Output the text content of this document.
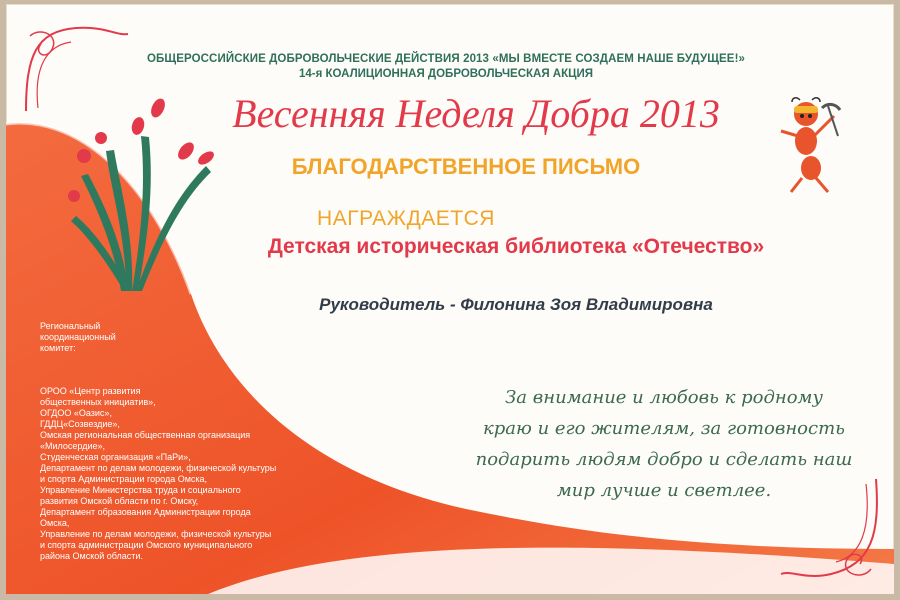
ОБЩЕРОССИЙСКИЕ ДОБРОВОЛЬЧЕСКИЕ ДЕЙСТВИЯ 2013 «МЫ ВМЕСТЕ СОЗДАЕМ НАШЕ БУДУЩЕЕ!»
14-я КОАЛИЦИОННАЯ ДОБРОВОЛЬЧЕСКАЯ АКЦИЯ
Весенняя Неделя Добра 2013
БЛАГОДАРСТВЕННОЕ ПИСЬМО
НАГРАЖДАЕТСЯ
Детская историческая библиотека «Отечество»
Руководитель - Филонина Зоя Владимировна
Региональный
координационный
комитет:
ОРОО «Центр развития
общественных инициатив»,
ОГДОО «Оазис»,
ГДДЦ«Созвездие»,
Омская региональная общественная организация
«Милосердие»,
Студенческая организация «ПаРи»,
Департамент по делам молодежи, физической культуры
и спорта Администрации города Омска,
Управление Министерства труда и социального
развития Омской области по г. Омску,
Департамент образования Администрации города
Омска,
Управление по делам молодежи, физической культуры
и спорта администрации Омского муниципального
района Омской области.
За внимание и любовь к родному
краю и его жителям, за готовность
подарить людям добро и сделать наш
мир лучше и светлее.
